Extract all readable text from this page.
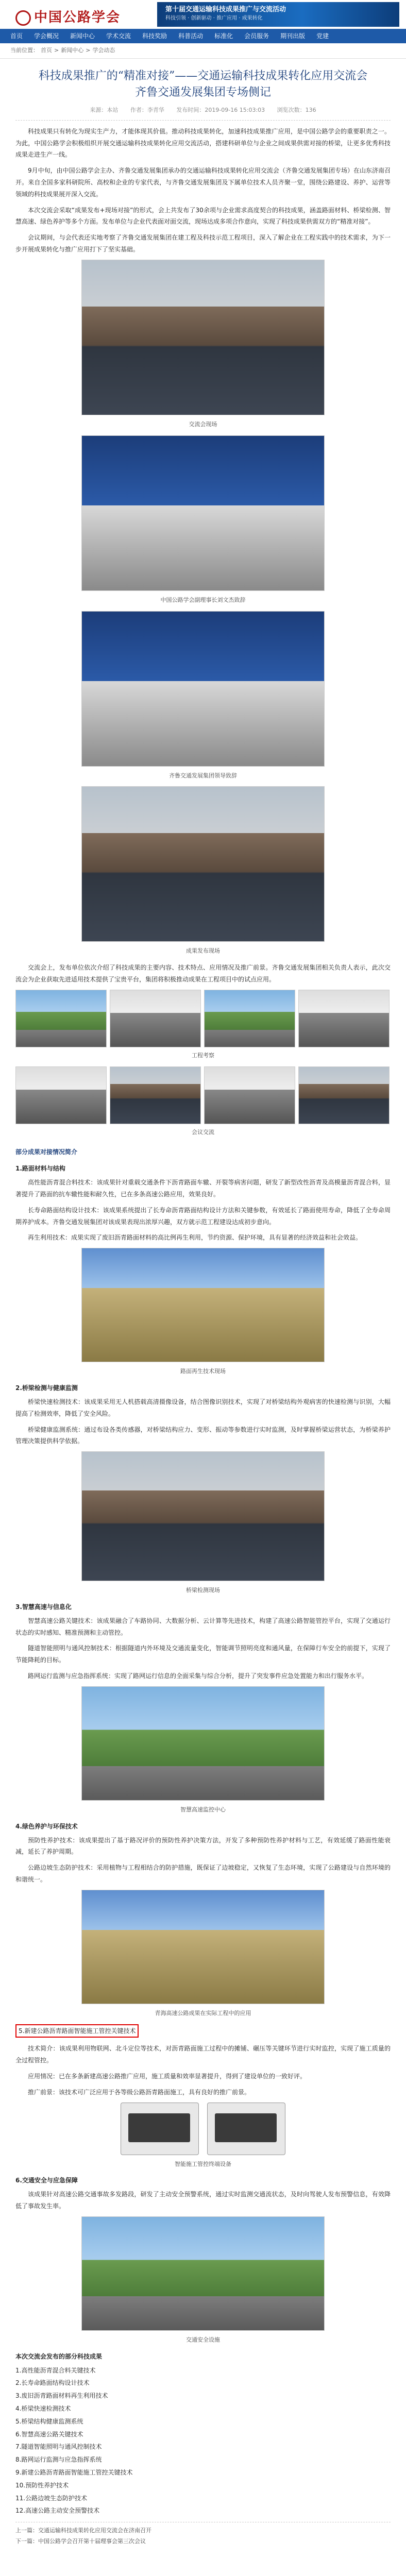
中国公路学会
第十届交通运输科技成果推广与交流活动
科技引领 · 创新驱动 · 推广应用 · 成果转化
首页 学会概况 新闻中心 学术交流 科技奖励 科普活动 标准化 会员服务 期刊出版 党建
当前位置： 首页 > 新闻中心 > 学会动态
科技成果推广的“精准对接”——交通运输科技成果转化应用交流会齐鲁交通发展集团专场侧记
来源：本站 作者：李青华 发布时间：2019-09-16 15:03:03 浏览次数：136

科技成果只有转化为现实生产力，才能体现其价值。推动科技成果转化，加速科技成果推广应用，是中国公路学会的重要职责之一。为此，中国公路学会积极组织开展交通运输科技成果转化应用交流活动，搭建科研单位与企业之间成果供需对接的桥梁，让更多优秀科技成果走进生产一线。

9月中旬，由中国公路学会主办、齐鲁交通发展集团承办的交通运输科技成果转化应用交流会（齐鲁交通发展集团专场）在山东济南召开。来自全国多家科研院所、高校和企业的专家代表，与齐鲁交通发展集团及下属单位技术人员齐聚一堂，围绕公路建设、养护、运营等领域的科技成果展开深入交流。

本次交流会采取“成果发布+现场对接”的形式，会上共发布了30余项与企业需求高度契合的科技成果，涵盖路面材料、桥梁检测、智慧高速、绿色养护等多个方面。发布单位与企业代表面对面交流，现场达成多项合作意向，实现了科技成果供需双方的“精准对接”。

会议期间，与会代表还实地考察了齐鲁交通发展集团在建工程及科技示范工程项目，深入了解企业在工程实践中的技术需求，为下一步开展成果转化与推广应用打下了坚实基础。

交流会现场
中国公路学会副理事长刘文杰致辞
齐鲁交通发展集团领导致辞
成果发布现场

交流会上，发布单位依次介绍了科技成果的主要内容、技术特点、应用情况及推广前景。齐鲁交通发展集团相关负责人表示，此次交流会为企业获取先进适用技术提供了宝贵平台，集团将积极推动成果在工程项目中的试点应用。

工程考察
会议交流
部分成果对接情况简介
1.路面材料与结构

高性能沥青混合料技术：该成果针对重载交通条件下沥青路面车辙、开裂等病害问题，研发了新型改性沥青及高模量沥青混合料，显著提升了路面的抗车辙性能和耐久性，已在多条高速公路应用，效果良好。

长寿命路面结构设计技术：该成果系统提出了长寿命沥青路面结构设计方法和关键参数，有效延长了路面使用寿命，降低了全寿命周期养护成本。齐鲁交通发展集团对该成果表现出浓厚兴趣，双方就示范工程建设达成初步意向。

再生利用技术：成果实现了废旧沥青路面材料的高比例再生利用，节约资源、保护环境，具有显著的经济效益和社会效益。

路面再生技术现场
2.桥梁检测与健康监测

桥梁快速检测技术：该成果采用无人机搭载高清摄像设备，结合图像识别技术，实现了对桥梁结构外观病害的快速检测与识别，大幅提高了检测效率，降低了安全风险。

桥梁健康监测系统：通过布设各类传感器，对桥梁结构应力、变形、振动等参数进行实时监测，及时掌握桥梁运营状态，为桥梁养护管理决策提供科学依据。

桥梁检测现场
3.智慧高速与信息化

智慧高速公路关键技术：该成果融合了车路协同、大数据分析、云计算等先进技术，构建了高速公路智能管控平台，实现了交通运行状态的实时感知、精准预测和主动管控。

隧道智能照明与通风控制技术：根据隧道内外环境及交通流量变化，智能调节照明亮度和通风量，在保障行车安全的前提下，实现了节能降耗的目标。

路网运行监测与应急指挥系统：实现了路网运行信息的全面采集与综合分析，提升了突发事件应急处置能力和出行服务水平。

智慧高速监控中心
4.绿色养护与环保技术

预防性养护技术：该成果提出了基于路况评价的预防性养护决策方法，开发了多种预防性养护材料与工艺，有效延缓了路面性能衰减，延长了养护周期。

公路边坡生态防护技术：采用植物与工程相结合的防护措施，既保证了边坡稳定，又恢复了生态环境，实现了公路建设与自然环境的和谐统一。

青海高速公路成果在实际工程中的应用
5.新建公路沥青路面智能施工管控关键技术

技术简介：该成果利用物联网、北斗定位等技术，对沥青路面施工过程中的摊铺、碾压等关键环节进行实时监控，实现了施工质量的全过程管控。

应用情况：已在多条新建高速公路推广应用，施工质量和效率显著提升，得到了建设单位的一致好评。

推广前景：该技术可广泛应用于各等级公路沥青路面施工，具有良好的推广前景。

智能施工管控终端设备
6.交通安全与应急保障

该成果针对高速公路交通事故多发路段，研发了主动安全预警系统，通过实时监测交通流状态，及时向驾驶人发布预警信息，有效降低了事故发生率。

交通安全设施
本次交流会发布的部分科技成果
1.高性能沥青混合料关键技术
2.长寿命路面结构设计技术
3.废旧沥青路面材料再生利用技术
4.桥梁快速检测技术
5.桥梁结构健康监测系统
6.智慧高速公路关键技术
7.隧道智能照明与通风控制技术
8.路网运行监测与应急指挥系统
9.新建公路沥青路面智能施工管控关键技术
10.预防性养护技术
11.公路边坡生态防护技术
12.高速公路主动安全预警技术
上一篇：交通运输科技成果转化应用交流会在济南召开
下一篇：中国公路学会召开第十届理事会第三次会议
